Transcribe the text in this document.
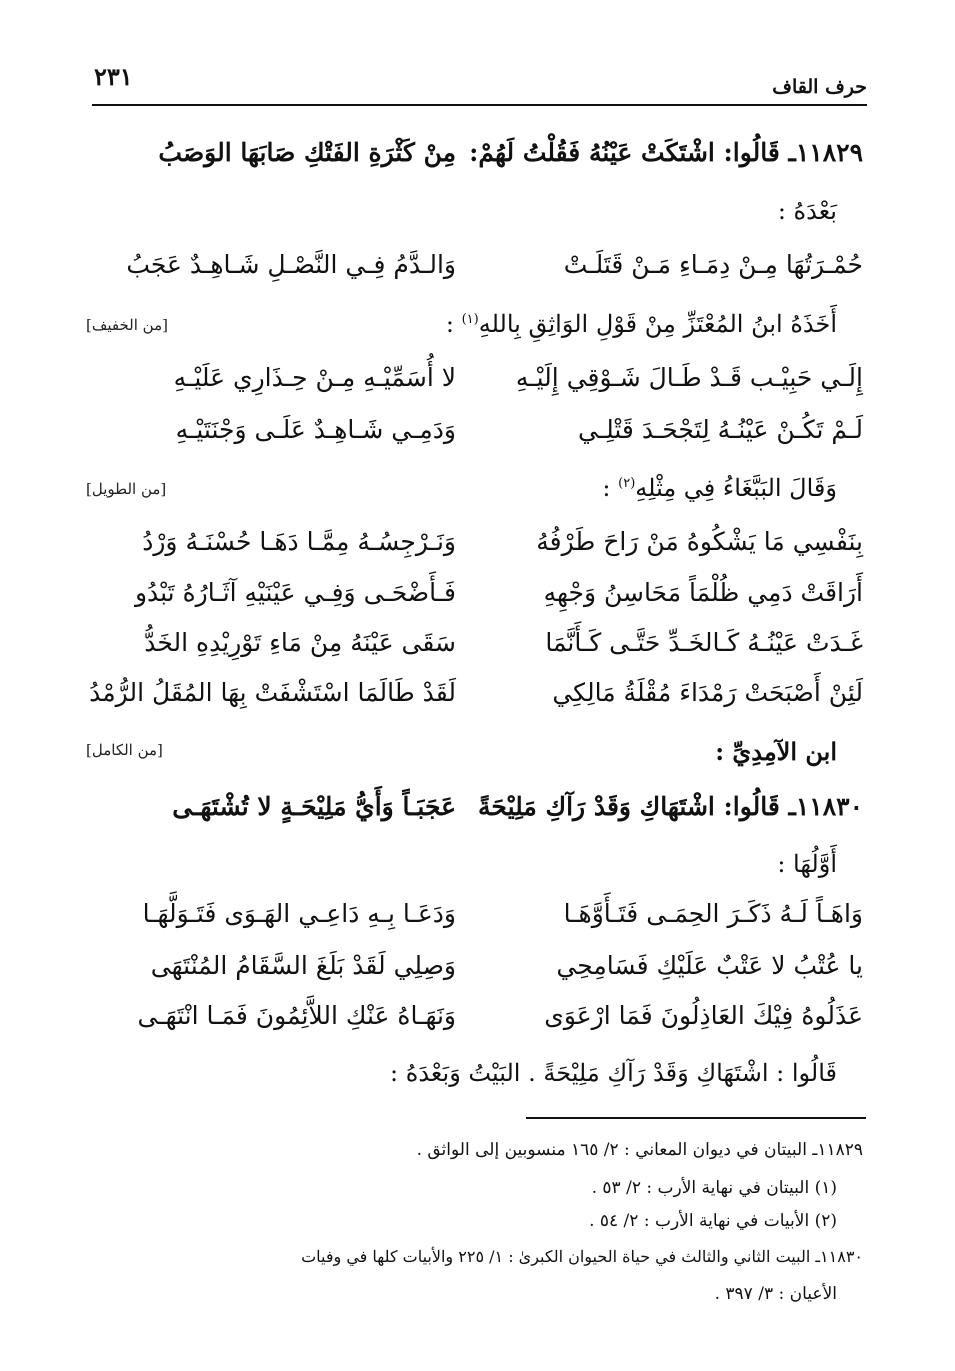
حرف القاف
٢٣١
١١٨٢٩ـ قَالُوا: اشْتَكَتْ عَيْنُهُ فَقُلْتُ لَهُمْ:
مِنْ كَثْرَةِ الفَتْكِ صَابَهَا الوَصَبُ
بَعْدَهُ :
حُمْـرَتُهَا مِـنْ دِمَـاءِ مَـنْ قَتَلَـتْ
وَالـدَّمُ فِـي النَّصْـلِ شَـاهِـدٌ عَجَبُ
أَخَذَهُ ابنُ المُعْتَزِّ مِنْ قَوْلِ الوَاثِقِ بِاللهِ$^{(١)}$ :
[من الخفيف]
إِلَـي حَبِيْـب قَـدْ طَـالَ شَـوْقِي إِلَيْـهِ
لا أُسَمِّيْـهِ مِـنْ حِـذَارِي عَلَيْـهِ
لَـمْ تَكُـنْ عَيْنُـهُ لِتَجْحَـدَ قَتْلِـي
وَدَمِـي شَـاهِـدٌ عَلَـى وَجْنَتَيْـهِ
وَقَالَ البَبَّغَاءُ فِي مِثْلِهِ$^{(٢)}$ :
[من الطويل]
بِنَفْسِي مَا يَشْكُوهُ مَنْ رَاحَ طَرْفُهُ
وَنَـرْجِسُـهُ مِمَّـا دَهَـا حُسْنَـهُ وَرْدُ
أَرَاقَتْ دَمِي ظُلْمَاً مَحَاسِنُ وَجْهِهِ
فَـأَضْحَـى وَفِـي عَيْنَيْهِ آثَـارُهُ تَبْدُو
غَـدَتْ عَيْنُـهُ كَـالخَـدِّ حَتَّـى كَـأَنَّمَا
سَقَى عَيْنَهُ مِنْ مَاءِ تَوْرِيْدِهِ الخَدُّ
لَئِنْ أَصْبَحَتْ رَمْدَاءَ مُقْلَةُ مَالِكِي
لَقَدْ طَالَمَا اسْتَشْفَتْ بِهَا المُقَلُ الرُّمْدُ
ابن الآمِدِيِّ :
[من الكامل]
١١٨٣٠ـ قَالُوا: اشْتَهَاكِ وَقَدْ رَآكِ مَلِيْحَةً
عَجَبَـاً وَأَيُّ مَلِيْحَـةٍ لا تُشْتَهَـى
أَوَّلُهَا :
وَاهَـاً لَـهُ ذَكَـرَ الحِمَـى فَتَـأَوَّهَـا
وَدَعَـا بِـهِ دَاعِـي الهَـوَى فَتَـوَلَّهَـا
يا عُتْبُ لا عَتْبٌ عَلَيْكِ فَسَامِحِي
وَصِلِي لَقَدْ بَلَغَ السَّقَامُ المُنْتَهَى
عَذَلُوهُ فِيْكَ العَاذِلُونَ فَمَا ارْعَوَى
وَنَهَـاهُ عَنْكِ اللاَّئِمُونَ فَمَـا انْتَهَـى
قَالُوا : اشْتَهَاكِ وَقَدْ رَآكِ مَلِيْحَةً . البَيْتُ وَبَعْدَهُ :
١١٨٢٩ـ البيتان في ديوان المعاني : ٢/ ١٦٥ منسوبين إلى الواثق .
(١) البيتان في نهاية الأرب : ٢/ ٥٣ .
(٢) الأبيات في نهاية الأرب : ٢/ ٥٤ .
١١٨٣٠ـ البيت الثاني والثالث في حياة الحيوان الكبرىٰ : ١/ ٢٢٥ والأبيات كلها في وفيات
الأعيان : ٣/ ٣٩٧ .
